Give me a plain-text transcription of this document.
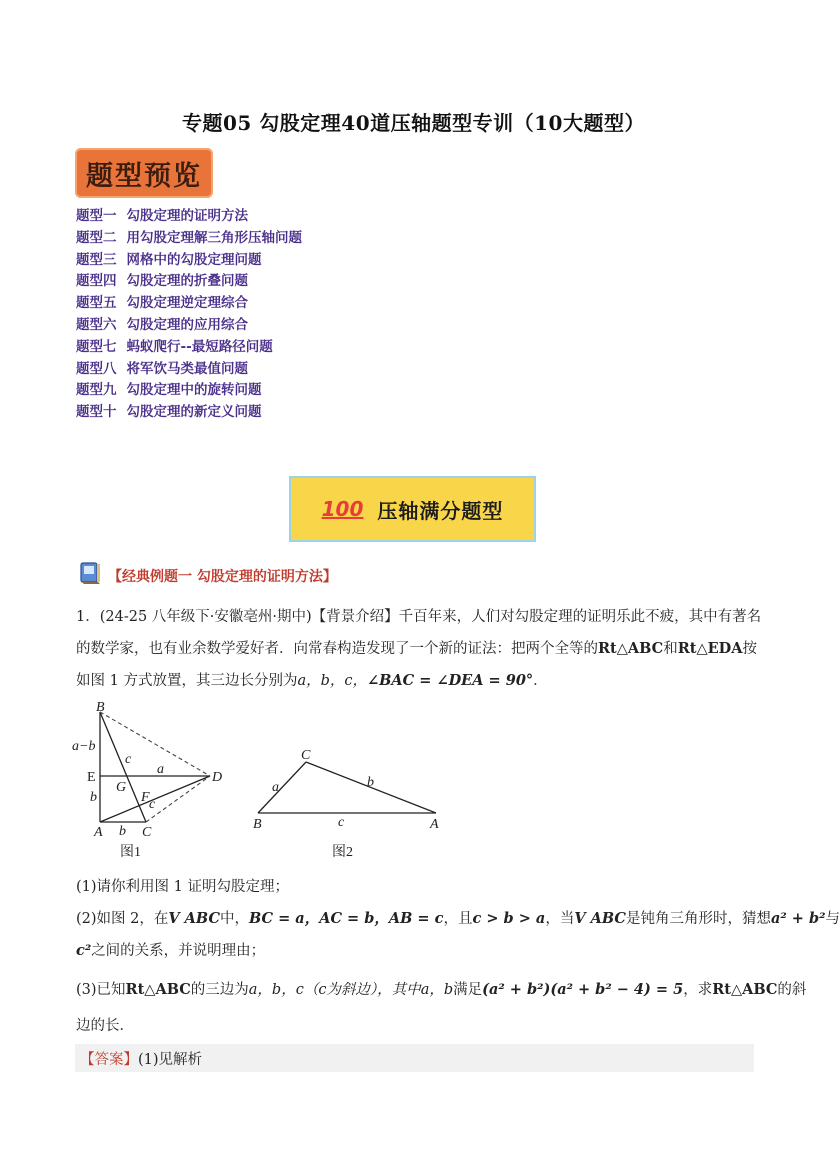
专题05 勾股定理40道压轴题型专训（10大题型）
题型预览
题型一 勾股定理的证明方法
题型二 用勾股定理解三角形压轴问题
题型三 网格中的勾股定理问题
题型四 勾股定理的折叠问题
题型五 勾股定理逆定理综合
题型六 勾股定理的应用综合
题型七 蚂蚁爬行--最短路径问题
题型八 将军饮马类最值问题
题型九 勾股定理中的旋转问题
题型十 勾股定理的新定义问题
100 压轴满分题型
【经典例题一 勾股定理的证明方法】
1．(24-25 八年级下·安徽亳州·期中)【背景介绍】千百年来，人们对勾股定理的证明乐此不疲，其中有著名
的数学家，也有业余数学爱好者．向常春构造发现了一个新的证法：把两个全等的Rt△ABC和Rt△EDA按
如图 1 方式放置，其三边长分别为a，b，c，∠BAC = ∠DEA = 90°．
B
a−b
E
b
A b C
D
G
F
c
a
c
图1
C
a	b
B	c	A
图2
(1)请你利用图 1 证明勾股定理；
(2)如图 2，在V ABC中，BC = a，AC = b，AB = c，且c > b > a，当V ABC是钝角三角形时，猜想a² + b²与
c²之间的关系，并说明理由；
(3)已知Rt△ABC的三边为a，b，c（c为斜边），其中a，b满足(a² + b²)(a² + b² − 4) = 5，求Rt△ABC的斜
边的长．
【答案】(1)见解析
